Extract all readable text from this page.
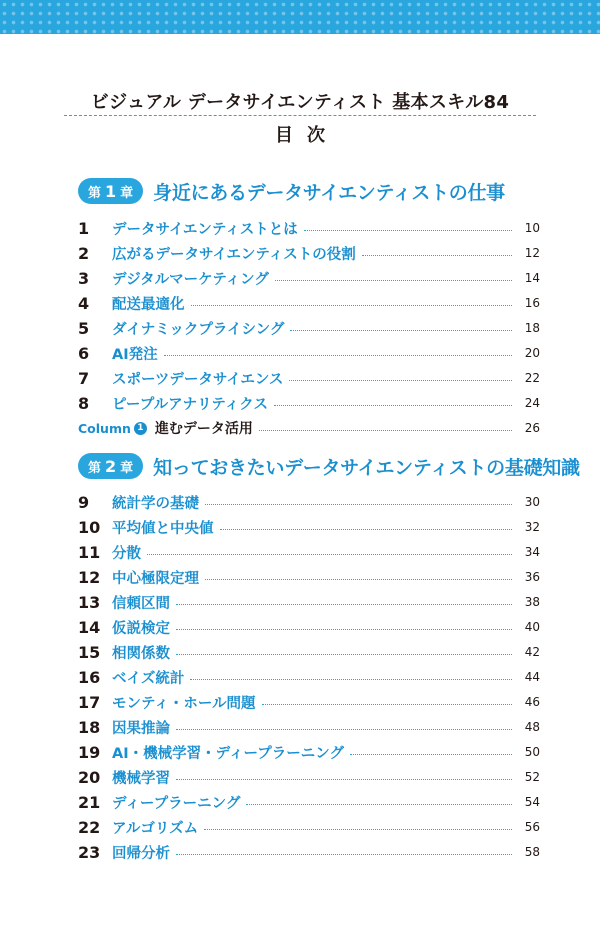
ビジュアル データサイエンティスト 基本スキル84
目次
第 1 章 身近にあるデータサイエンティストの仕事
1	データサイエンティストとは	10
2	広がるデータサイエンティストの役割	12
3	デジタルマーケティング	14
4	配送最適化	16
5	ダイナミックプライシング	18
6	AI発注	20
7	スポーツデータサイエンス	22
8	ピープルアナリティクス	24
Column 1 進むデータ活用	26
第 2 章 知っておきたいデータサイエンティストの基礎知識
9	統計学の基礎	30
10 平均値と中央値	32
11 分散	34
12 中心極限定理	36
13 信頼区間	38
14 仮説検定	40
15 相関係数	42
16 ベイズ統計	44
17 モンティ・ホール問題	46
18 因果推論	48
19 AI・機械学習・ディープラーニング	50
20 機械学習	52
21 ディープラーニング	54
22 アルゴリズム	56
23 回帰分析	58
